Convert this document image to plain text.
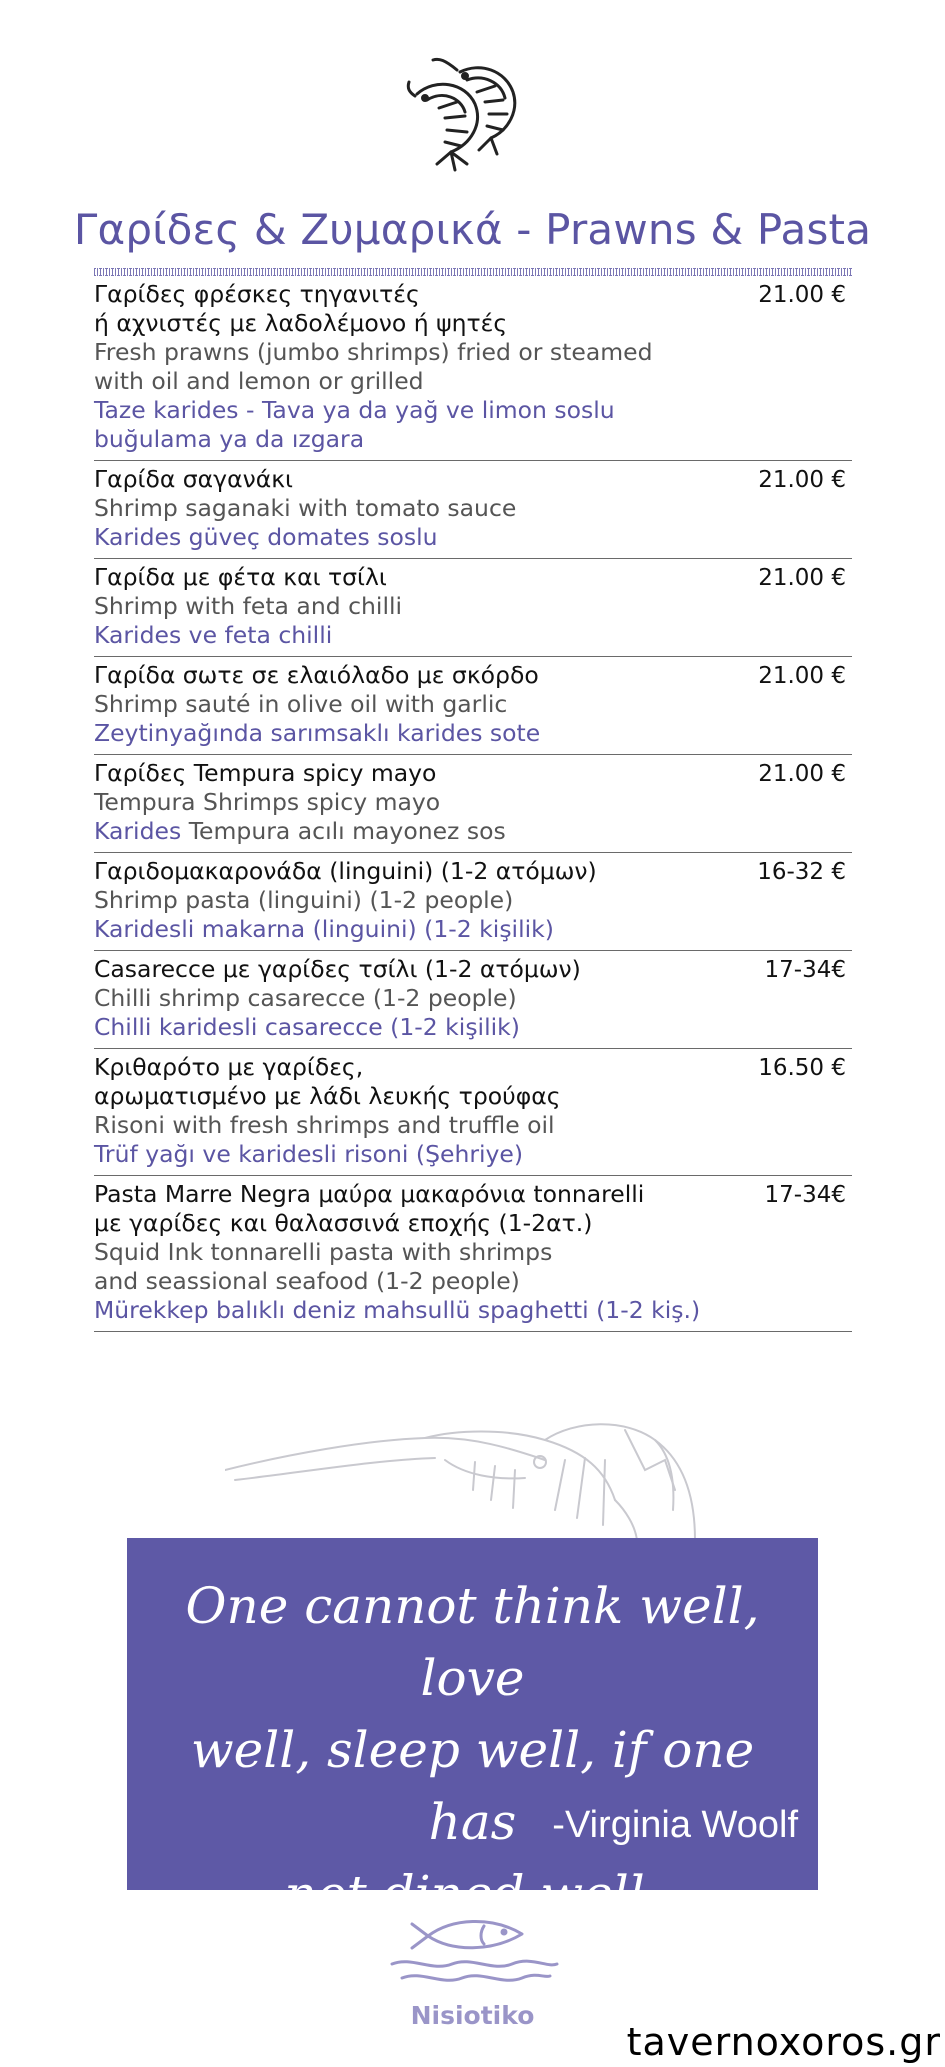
Γαρίδες & Ζυμαρικά - Prawns & Pasta
Γαρίδες φρέσκες τηγανιτές
ή αχνιστές με λαδολέμονο ή ψητές
Fresh prawns (jumbo shrimps) fried or steamed
with oil and lemon or grilled
Taze karides - Tava ya da yağ ve limon soslu
buğulama ya da ızgara
21.00 €
Γαρίδα σαγανάκι
Shrimp saganaki with tomato sauce
Karides güveç domates soslu
21.00 €
Γαρίδα με φέτα και τσίλι
Shrimp with feta and chilli
Karides ve feta chilli
21.00 €
Γαρίδα σωτε σε ελαιόλαδο με σκόρδο
Shrimp sauté in olive oil with garlic
Zeytinyağında sarımsaklı karides sote
21.00 €
Γαρίδες Tempura spicy mayo
Tempura Shrimps spicy mayo
Karides Tempura acılı mayonez sos
21.00 €
Γαριδομακαρονάδα (linguini) (1-2 ατόμων)
Shrimp pasta (linguini) (1-2 people)
Karidesli makarna (linguini) (1-2 kişilik)
16-32 €
Casarecce με γαρίδες τσίλι (1-2 ατόμων)
Chilli shrimp casarecce (1-2 people)
Chilli karidesli casarecce (1-2 kişilik)
17-34€
Κριθαρότο με γαρίδες,
αρωματισμένο με λάδι λευκής τρούφας
Risoni with fresh shrimps and truffle oil
Trüf yağı ve karidesli risoni (Şehriye)
16.50 €
Pasta Marre Negra μαύρα μακαρόνια tonnarelli
με γαρίδες και θαλασσινά εποχής (1-2ατ.)
Squid Ink tonnarelli pasta with shrimps
and seassional seafood (1-2 people)
Mürekkep balıklı deniz mahsullü spaghetti (1-2 kiş.)
17-34€
One cannot think well, love
well, sleep well, if one has
not dined well.
-Virginia Woolf
Nisiotiko
tavernoxoros.gr
